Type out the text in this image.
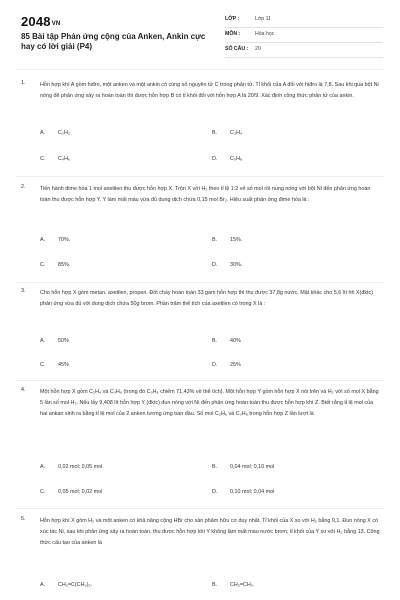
2048VN
85 Bài tập Phản ứng cộng của Anken, Ankin cực hay có lời giải (P4)
LỚP :	Lớp 11
MÔN :	Hóa học
SỐ CÂU : 20
1.	Hỗn hợp khí A gồm hiđro, một anken và một ankin có cùng số nguyên tử C trong phân tử. Tỉ khối của A đối với hiđro là 7,8. Sau khi qua bột Ni nóng để phản ứng xảy ra hoàn toàn thì được hỗn hợp B có tỉ khối đối với hỗn hợp A là 20/9. Xác định công thức phân tử của ankin.
A. C₂H₂	B. C₃H₄
C. C₄H₆	D. C₅H₈
2.	Tiến hành đime hóa 1 mol axetilen thu được hỗn hợp X. Trộn X với H₂ theo tỉ lệ 1:2 về số mol rồi nung nóng với bột Ni đến phản ứng hoàn toàn thu được hỗn hợp Y. Y làm mất màu vừa đủ dung dịch chứa 0,15 mol Br₂. Hiệu suất phản ứng đime hóa là :
A. 70%.	B. 15%.
C. 85%.	D. 30%.
3.	Cho hỗn hợp X gồm metan, axetilen, propen. Đốt cháy hoàn toàn 33 gam hỗn hợp thì thu được 37,8g nước. Mặt khác cho 5,6 lít hh X(đktc) phản ứng vừa đủ với dung dịch chứa 50g brom. Phần trăm thể tích của axetilen có trong X là :
A. 50%	B. 40%
C. 45%	D. 25%
4.	Một hỗn hợp X gồm C₂H₄ và C₃H₆ (trong đó C₃H₆ chiếm 71,43% về thể tích). Một hỗn hợp Y gồm hỗn hợp X nói trên và H₂ với số mol X bằng 5 lần số mol H₂. Nếu lấy 9,408 lít hỗn hợp Y (đktc) đun nóng với Ni đến phản ứng hoàn toàn thu được hỗn hợp khí Z. Biết rằng tỉ lệ mol của hai ankan sinh ra bằng tỉ lệ mol của 2 anken tương ứng ban đầu. Số mol C₂H₆ và C₃H₈ trong hỗn hợp Z lần lượt là
A. 0,02 mol; 0,05 mol	B. 0,04 mol; 0,10 mol
C. 0,05 mol; 0,02 mol	D. 0,10 mol; 0,04 mol
5.	Hỗn hợp khí X gồm H₂ và một anken có khả năng cộng HBr cho sản phẩm hữu cơ duy nhất. Tỉ khối của X so với H₂ bằng 9,1. Đun nóng X có xúc tác Ni, sau khi phản ứng xảy ra hoàn toàn, thu được hỗn hợp khí Y không làm mất màu nước brom; tỉ khối của Y so với H₂ bằng 13. Công thức cấu tạo của anken là
A. CH₂=C(CH₃)₂.	B. CH₂=CH₂.
